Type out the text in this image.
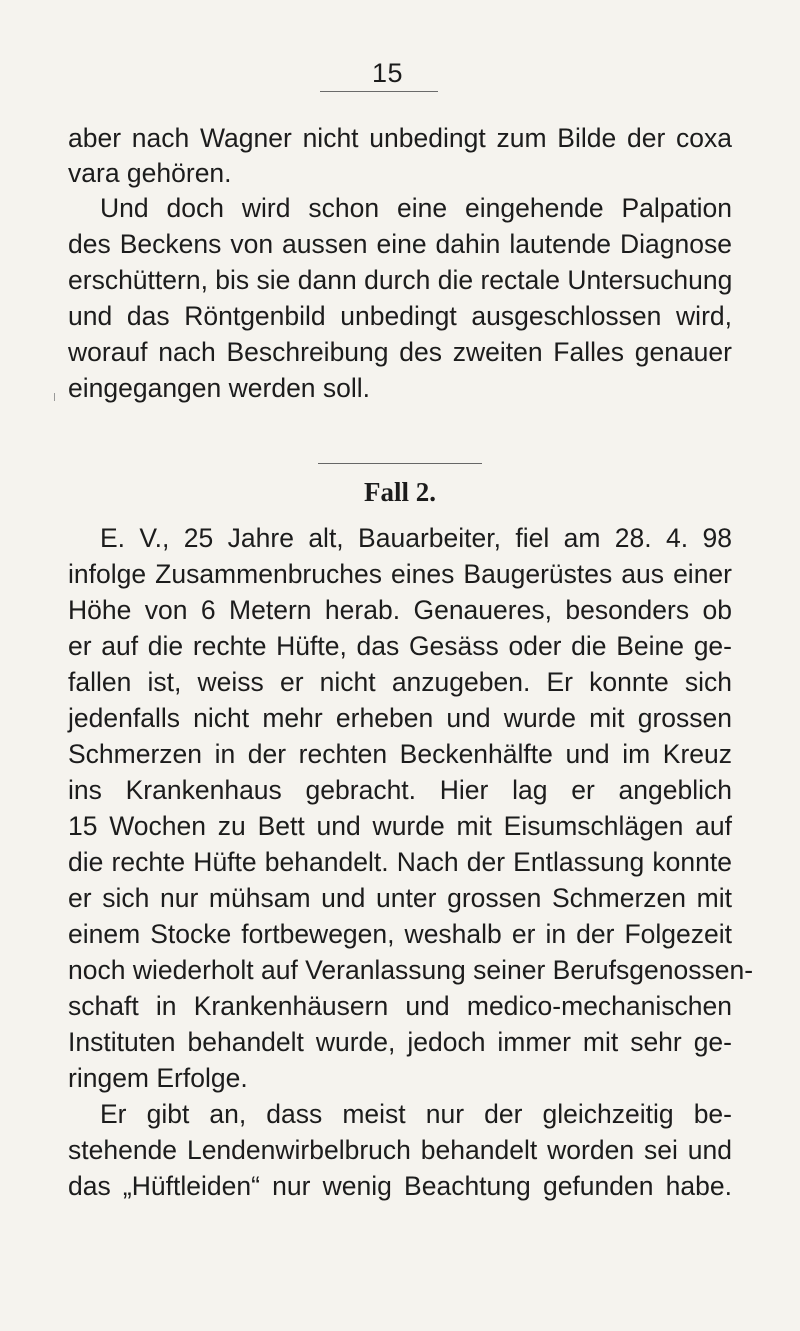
15
aber nach Wagner nicht unbedingt zum Bilde der coxa
vara gehören.
Und doch wird schon eine eingehende Palpation
des Beckens von aussen eine dahin lautende Diagnose
erschüttern, bis sie dann durch die rectale Untersuchung
und das Röntgenbild unbedingt ausgeschlossen wird,
worauf nach Beschreibung des zweiten Falles genauer
eingegangen werden soll.
Fall 2.
E. V., 25 Jahre alt, Bauarbeiter, fiel am 28. 4. 98
infolge Zusammenbruches eines Baugerüstes aus einer
Höhe von 6 Metern herab. Genaueres, besonders ob
er auf die rechte Hüfte, das Gesäss oder die Beine ge-
fallen ist, weiss er nicht anzugeben. Er konnte sich
jedenfalls nicht mehr erheben und wurde mit grossen
Schmerzen in der rechten Beckenhälfte und im Kreuz
ins Krankenhaus gebracht. Hier lag er angeblich
15 Wochen zu Bett und wurde mit Eisumschlägen auf
die rechte Hüfte behandelt. Nach der Entlassung konnte
er sich nur mühsam und unter grossen Schmerzen mit
einem Stocke fortbewegen, weshalb er in der Folgezeit
noch wiederholt auf Veranlassung seiner Berufsgenossen-
schaft in Krankenhäusern und medico-mechanischen
Instituten behandelt wurde, jedoch immer mit sehr ge-
ringem Erfolge.
Er gibt an, dass meist nur der gleichzeitig be-
stehende Lendenwirbelbruch behandelt worden sei und
das „Hüftleiden“ nur wenig Beachtung gefunden habe.
